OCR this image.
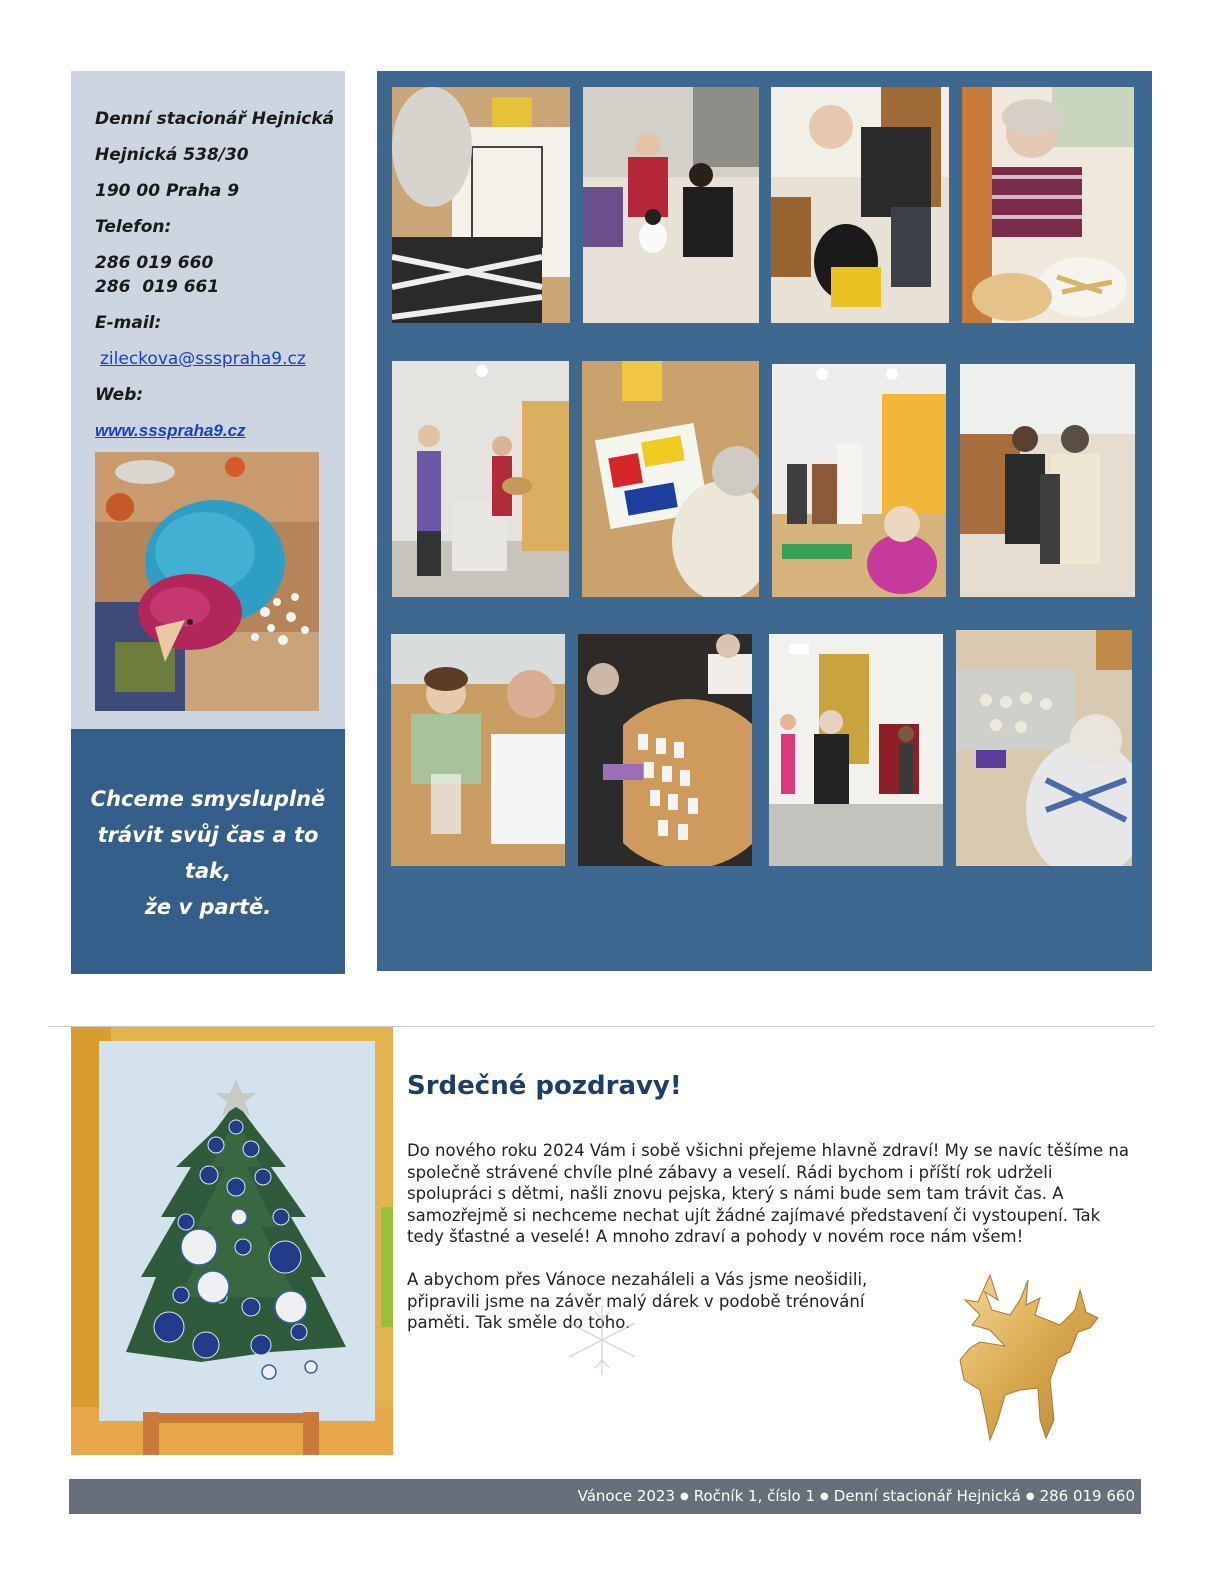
Denní stacionář Hejnická
Hejnická 538/30
190 00 Praha 9
Telefon:
286 019 660
286  019 661
E-mail:
zileckova@ssspraha9.cz
Web:
www.ssspraha9.cz
Chceme smysluplně
trávit svůj čas a to tak,
že v partě.
Srdečné pozdravy!

Do nového roku 2024 Vám i sobě všichni přejeme hlavně zdraví! My se navíc těšíme na společně strávené chvíle plné zábavy a veselí. Rádi bychom i příští rok udrželi spolupráci s dětmi, našli znovu pejska, který s námi bude sem tam trávit čas. A samozřejmě si nechceme nechat ujít žádné zajímavé představení či vystoupení. Tak tedy šťastné a veselé! A mnoho zdraví a pohody v novém roce nám všem!

A abychom přes Vánoce nezaháleli a Vás jsme neošidili, připravili jsme na závěr malý dárek v podobě trénování paměti. Tak směle do toho.

Vánoce 2023 ● Ročník 1, číslo 1 ● Denní stacionář Hejnická ● 286 019 660
